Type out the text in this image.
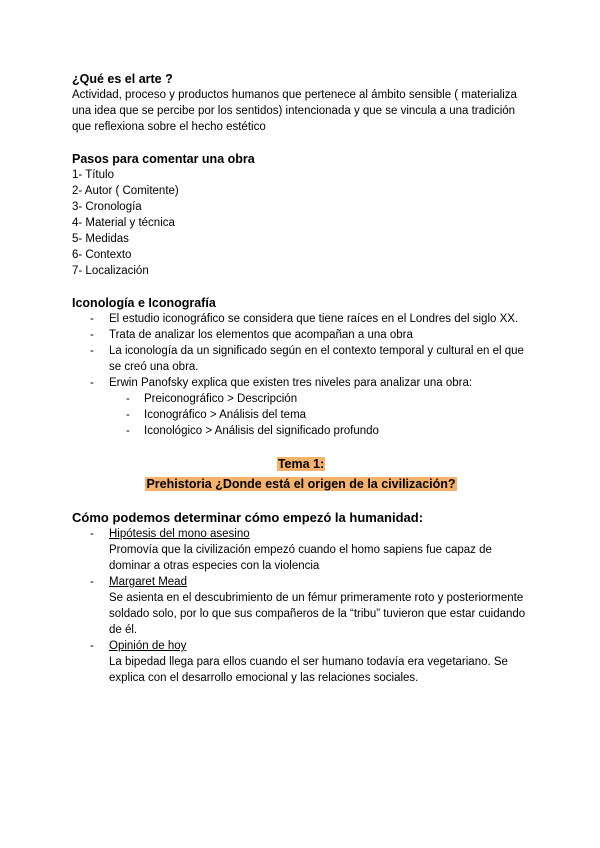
¿Qué es el arte ?
Actividad, proceso y productos humanos que pertenece al ámbito sensible ( materializa una idea que se percibe por los sentidos) intencionada y que se vincula a una tradición que reflexiona sobre el hecho estético
Pasos para comentar una obra
1- Título
2- Autor ( Comitente)
3- Cronología
4- Material y técnica
5- Medidas
6- Contexto
7- Localización
Iconología e Iconografía
- El estudio iconográfico se considera que tiene raíces en el Londres del siglo XX.
- Trata de analizar los elementos que acompañan a una obra
- La iconología da un significado según en el contexto temporal y cultural en el que se creó una obra.
- Erwin Panofsky explica que existen tres niveles para analizar una obra:
- Preiconográfico > Descripción
- Iconográfico > Análisis del tema
- Iconológico > Análisis del significado profundo
Tema 1:
Prehistoria ¿Donde está el origen de la civilización?
Cómo podemos determinar cómo empezó la humanidad:
- Hipótesis del mono asesino
Promovía que la civilización empezó cuando el homo sapiens fue capaz de dominar a otras especies con la violencia
- Margaret Mead
Se asienta en el descubrimiento de un fémur primeramente roto y posteriormente soldado solo, por lo que sus compañeros de la “tribu” tuvieron que estar cuidando de él.
- Opinión de hoy
La bipedad llega para ellos cuando el ser humano todavía era vegetariano. Se explica con el desarrollo emocional y las relaciones sociales.
